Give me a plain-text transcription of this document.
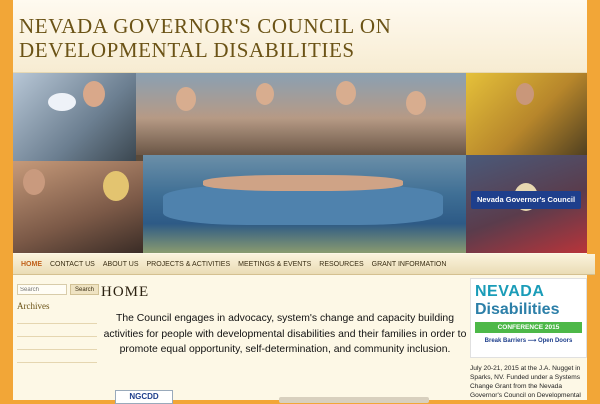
NEVADA GOVERNOR'S COUNCIL ON DEVELOPMENTAL DISABILITIES
Nevada Governor's Council
HOME CONTACT US ABOUT US PROJECTS & ACTIVITIES MEETINGS & EVENTS RESOURCES GRANT INFORMATION
Search
Search
Archives
HOME
The Council engages in advocacy, system's change and capacity building activities for people with developmental disabilities and their families in order to promote equal opportunity, self-determination, and community inclusion.
NGCDD
NEVADA
Disabilities
CONFERENCE 2015
Break Barriers ⟶ Open Doors
July 20-21, 2015 at the J.A. Nugget in Sparks, NV. Funded under a Systems Change Grant from the Nevada Governor's Council on Developmental
